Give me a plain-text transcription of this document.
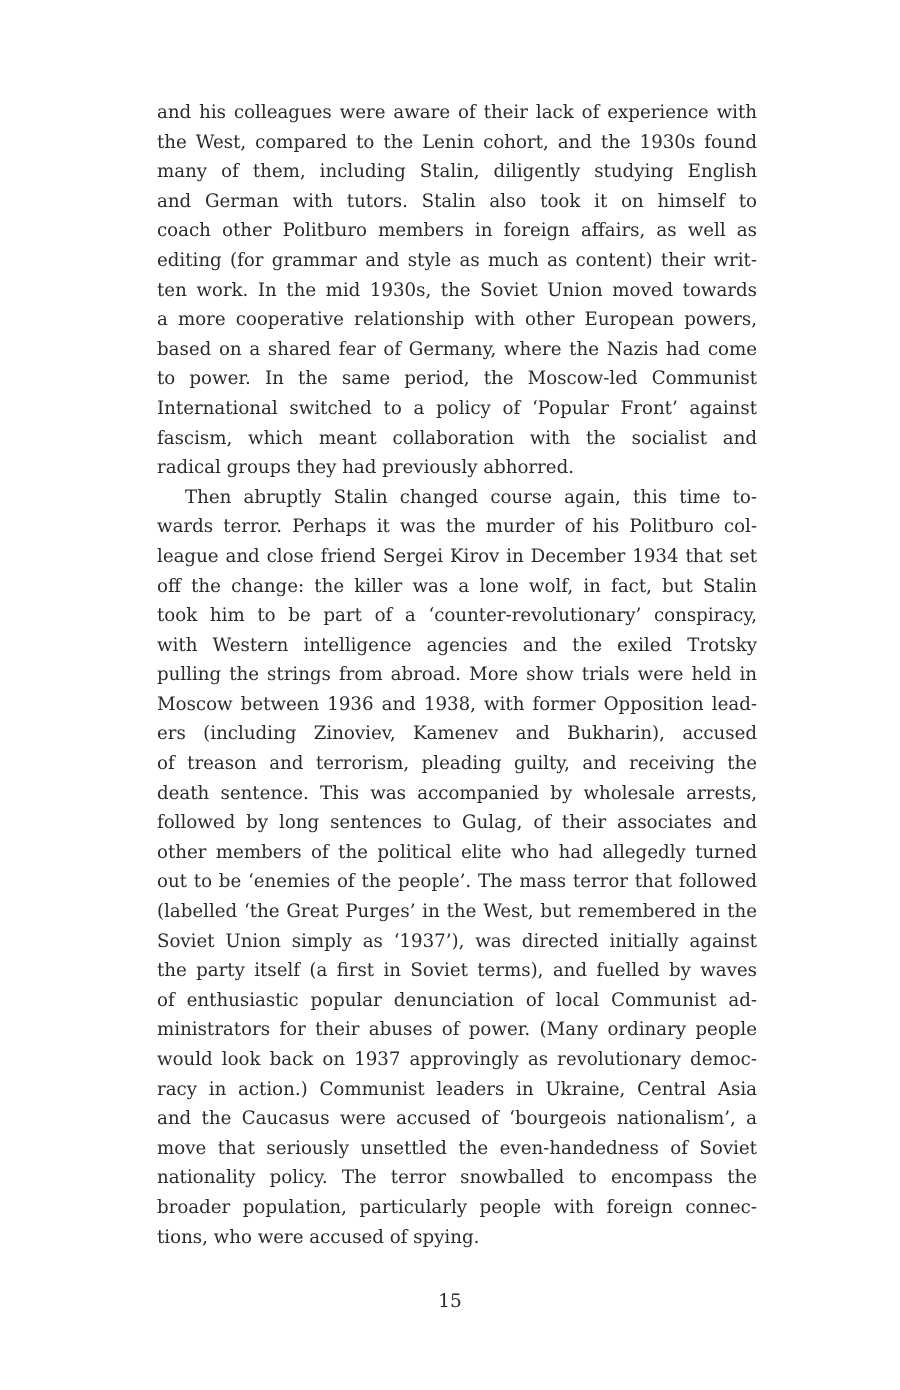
and his colleagues were aware of their lack of experience with
the West, compared to the Lenin cohort, and the 1930s found
many of them, including Stalin, diligently studying English
and German with tutors. Stalin also took it on himself to
coach other Politburo members in foreign affairs, as well as
editing (for grammar and style as much as content) their writ-
ten work. In the mid 1930s, the Soviet Union moved towards
a more cooperative relationship with other European powers,
based on a shared fear of Germany, where the Nazis had come
to power. In the same period, the Moscow-led Communist
International switched to a policy of ‘Popular Front’ against
fascism, which meant collaboration with the socialist and
radical groups they had previously abhorred.
Then abruptly Stalin changed course again, this time to-
wards terror. Perhaps it was the murder of his Politburo col-
league and close friend Sergei Kirov in December 1934 that set
off the change: the killer was a lone wolf, in fact, but Stalin
took him to be part of a ‘counter-revolutionary’ conspiracy,
with Western intelligence agencies and the exiled Trotsky
pulling the strings from abroad. More show trials were held in
Moscow between 1936 and 1938, with former Opposition lead-
ers (including Zinoviev, Kamenev and Bukharin), accused
of treason and terrorism, pleading guilty, and receiving the
death sentence. This was accompanied by wholesale arrests,
followed by long sentences to Gulag, of their associates and
other members of the political elite who had allegedly turned
out to be ‘enemies of the people’. The mass terror that followed
(labelled ‘the Great Purges’ in the West, but remembered in the
Soviet Union simply as ‘1937’), was directed initially against
the party itself (a first in Soviet terms), and fuelled by waves
of enthusiastic popular denunciation of local Communist ad-
ministrators for their abuses of power. (Many ordinary people
would look back on 1937 approvingly as revolutionary democ-
racy in action.) Communist leaders in Ukraine, Central Asia
and the Caucasus were accused of ‘bourgeois nationalism’, a
move that seriously unsettled the even-handedness of Soviet
nationality policy. The terror snowballed to encompass the
broader population, particularly people with foreign connec-
tions, who were accused of spying.
15
